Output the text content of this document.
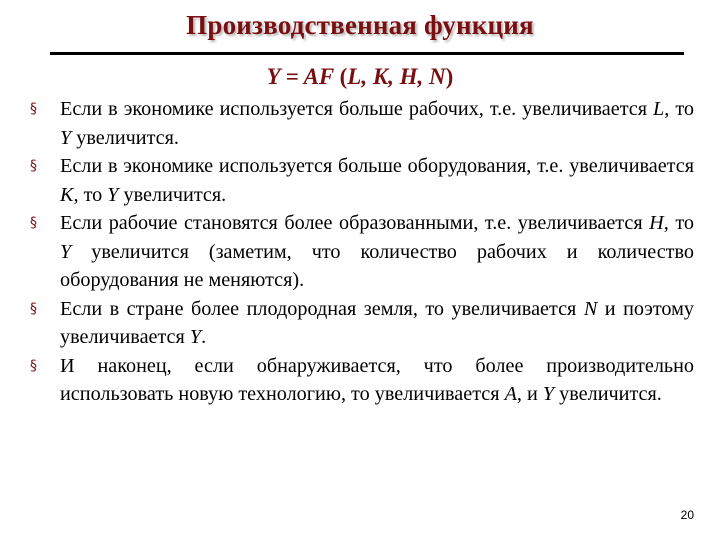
Производственная функция
Y = AF (L, K, H, N)
§	Если в экономике используется больше рабочих, т.е. увеличивается L, то Y увеличится.
§	Если в экономике используется больше оборудования, т.е. увеличивается K, то Y увеличится.
§	Если рабочие становятся более образованными, т.е. увеличивается H, то Y увеличится (заметим, что количество рабочих и количество оборудования не меняются).
§	Если в стране более плодородная земля, то увеличивается N и поэтому увеличивается Y.
§	И наконец, если обнаруживается, что более производительно использовать новую технологию, то увеличивается A, и Y увеличится.
20
